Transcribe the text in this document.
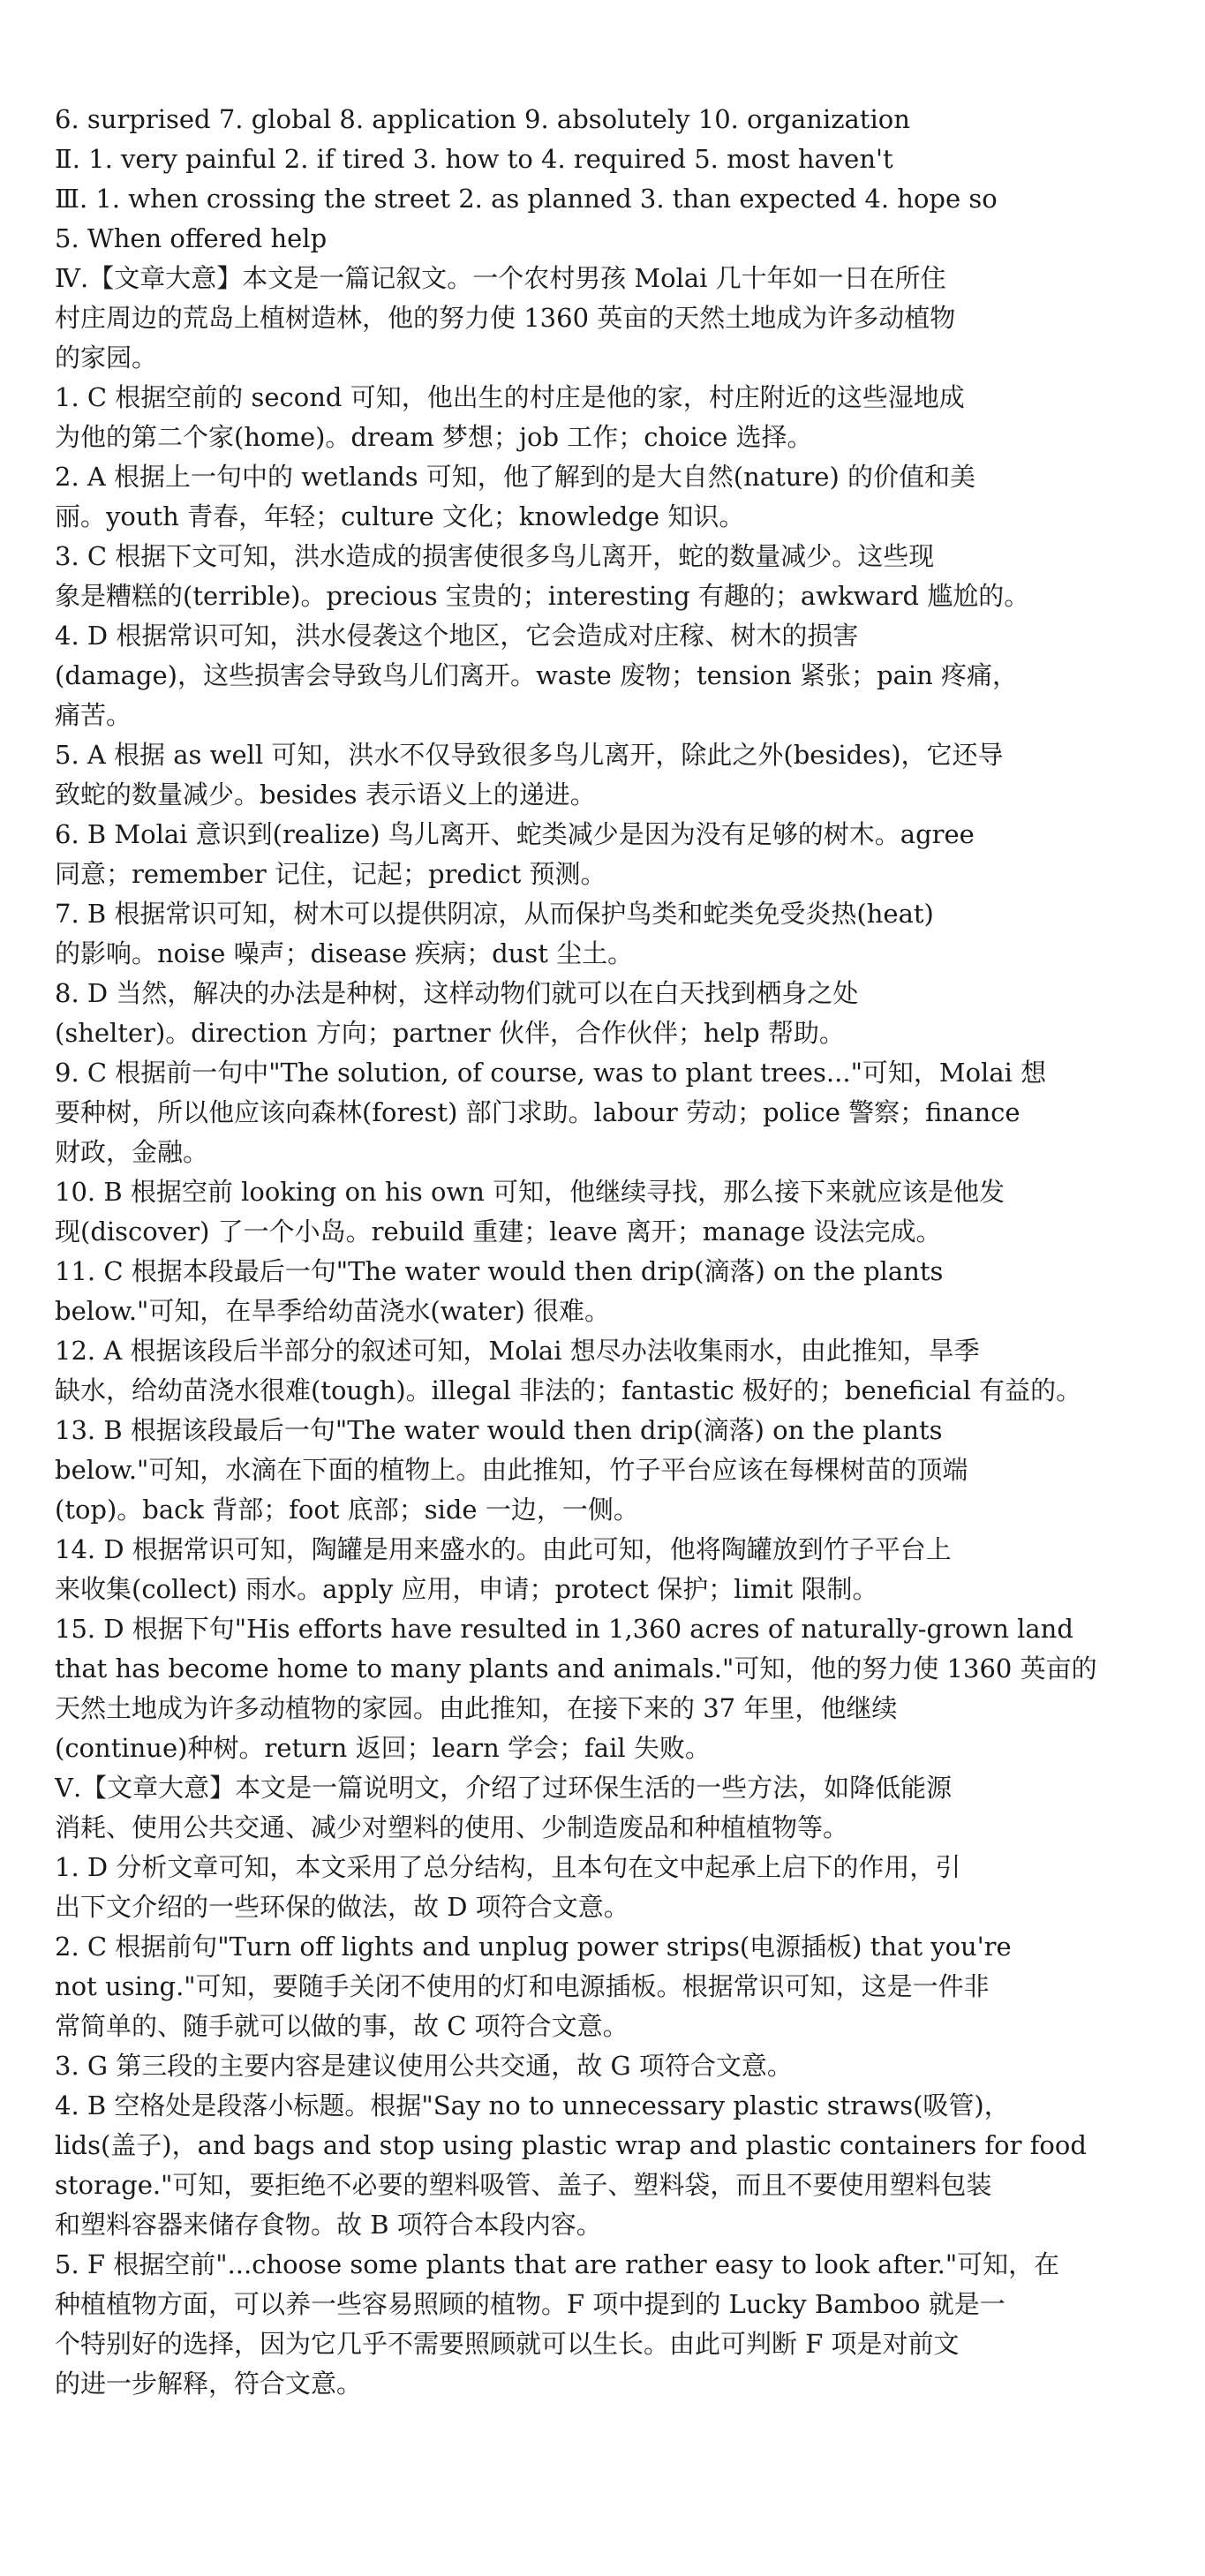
6. surprised 7. global 8. application 9. absolutely 10. organization
Ⅱ. 1. very painful 2. if tired 3. how to 4. required 5. most haven't
Ⅲ. 1. when crossing the street 2. as planned 3. than expected 4. hope so
5. When offered help
Ⅳ.【文章大意】本文是一篇记叙文。一个农村男孩 Molai 几十年如一日在所住
村庄周边的荒岛上植树造林，他的努力使 1360 英亩的天然土地成为许多动植物
的家园。
1. C 根据空前的 second 可知，他出生的村庄是他的家，村庄附近的这些湿地成
为他的第二个家(home)。dream 梦想；job 工作；choice 选择。
2. A 根据上一句中的 wetlands 可知，他了解到的是大自然(nature) 的价值和美
丽。youth 青春，年轻；culture 文化；knowledge 知识。
3. C 根据下文可知，洪水造成的损害使很多鸟儿离开，蛇的数量减少。这些现
象是糟糕的(terrible)。precious 宝贵的；interesting 有趣的；awkward 尴尬的。
4. D 根据常识可知，洪水侵袭这个地区，它会造成对庄稼、树木的损害
(damage)，这些损害会导致鸟儿们离开。waste 废物；tension 紧张；pain 疼痛，
痛苦。
5. A 根据 as well 可知，洪水不仅导致很多鸟儿离开，除此之外(besides)，它还导
致蛇的数量减少。besides 表示语义上的递进。
6. B Molai 意识到(realize) 鸟儿离开、蛇类减少是因为没有足够的树木。agree
同意；remember 记住，记起；predict 预测。
7. B 根据常识可知，树木可以提供阴凉，从而保护鸟类和蛇类免受炎热(heat)
的影响。noise 噪声；disease 疾病；dust 尘土。
8. D 当然，解决的办法是种树，这样动物们就可以在白天找到栖身之处
(shelter)。direction 方向；partner 伙伴，合作伙伴；help 帮助。
9. C 根据前一句中"The solution, of course, was to plant trees..."可知，Molai 想
要种树，所以他应该向森林(forest) 部门求助。labour 劳动；police 警察；finance
财政，金融。
10. B 根据空前 looking on his own 可知，他继续寻找，那么接下来就应该是他发
现(discover) 了一个小岛。rebuild 重建；leave 离开；manage 设法完成。
11. C 根据本段最后一句"The water would then drip(滴落) on the plants
below."可知，在旱季给幼苗浇水(water) 很难。
12. A 根据该段后半部分的叙述可知，Molai 想尽办法收集雨水，由此推知，旱季
缺水，给幼苗浇水很难(tough)。illegal 非法的；fantastic 极好的；beneficial 有益的。
13. B 根据该段最后一句"The water would then drip(滴落) on the plants
below."可知，水滴在下面的植物上。由此推知，竹子平台应该在每棵树苗的顶端
(top)。back 背部；foot 底部；side 一边，一侧。
14. D 根据常识可知，陶罐是用来盛水的。由此可知，他将陶罐放到竹子平台上
来收集(collect) 雨水。apply 应用，申请；protect 保护；limit 限制。
15. D 根据下句"His efforts have resulted in 1,360 acres of naturally-grown land
that has become home to many plants and animals."可知，他的努力使 1360 英亩的
天然土地成为许多动植物的家园。由此推知，在接下来的 37 年里，他继续
(continue)种树。return 返回；learn 学会；fail 失败。
Ⅴ.【文章大意】本文是一篇说明文，介绍了过环保生活的一些方法，如降低能源
消耗、使用公共交通、减少对塑料的使用、少制造废品和种植植物等。
1. D 分析文章可知，本文采用了总分结构，且本句在文中起承上启下的作用，引
出下文介绍的一些环保的做法，故 D 项符合文意。
2. C 根据前句"Turn off lights and unplug power strips(电源插板) that you're
not using."可知，要随手关闭不使用的灯和电源插板。根据常识可知，这是一件非
常简单的、随手就可以做的事，故 C 项符合文意。
3. G 第三段的主要内容是建议使用公共交通，故 G 项符合文意。
4. B 空格处是段落小标题。根据"Say no to unnecessary plastic straws(吸管)，
lids(盖子)，and bags and stop using plastic wrap and plastic containers for food
storage."可知，要拒绝不必要的塑料吸管、盖子、塑料袋，而且不要使用塑料包装
和塑料容器来储存食物。故 B 项符合本段内容。
5. F 根据空前"...choose some plants that are rather easy to look after."可知，在
种植植物方面，可以养一些容易照顾的植物。F 项中提到的 Lucky Bamboo 就是一
个特别好的选择，因为它几乎不需要照顾就可以生长。由此可判断 F 项是对前文
的进一步解释，符合文意。
